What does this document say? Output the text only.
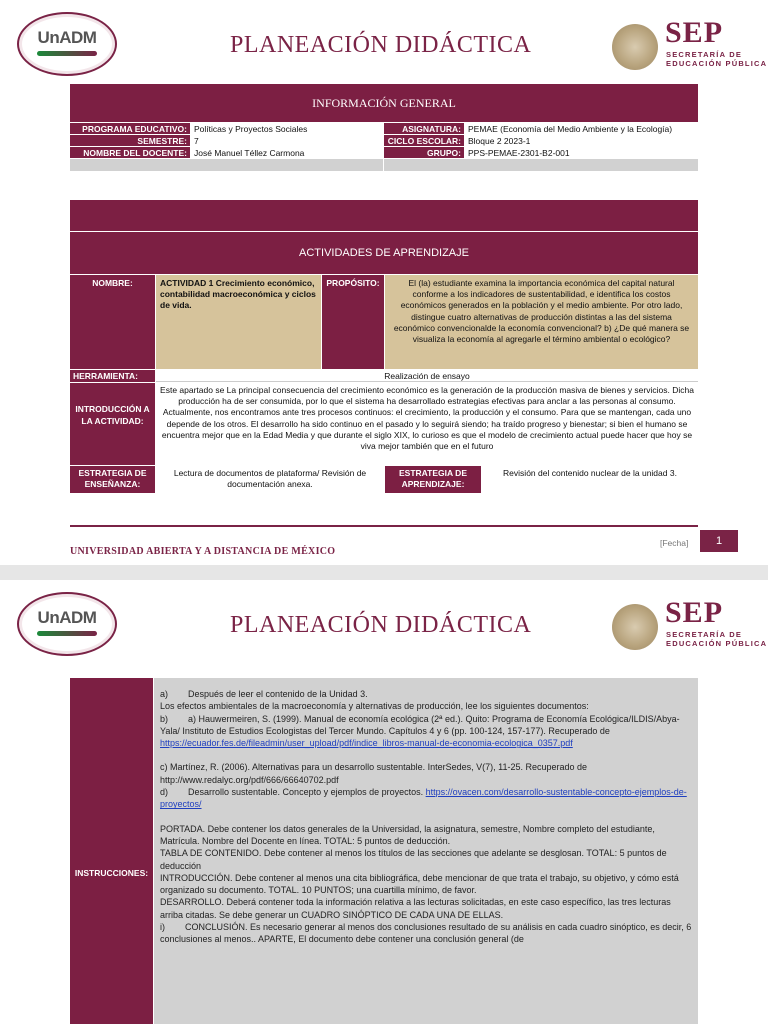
UnADM	PLANEACIÓN DIDÁCTICA	SEP
SECRETARÍA DE
EDUCACIÓN PÚBLICA
INFORMACIÓN GENERAL
PROGRAMA EDUCATIVO: Políticas y Proyectos Sociales	ASIGNATURA: PEMAE (Economía del Medio Ambiente y la Ecología)
SEMESTRE: 7	CICLO ESCOLAR: Bloque 2 2023-1
NOMBRE DEL DOCENTE: José Manuel Téllez Carmona	GRUPO: PPS-PEMAE-2301-B2-001
ACTIVIDADES DE APRENDIZAJE
NOMBRE:	ACTIVIDAD 1 Crecimiento económico, contabilidad macroeconómica y ciclos de vida.
PROPÓSITO:	El (la) estudiante examina la importancia económica del capital natural conforme a los indicadores de sustentabilidad, e identifica los costos económicos generados en la población y el medio ambiente. Por otro lado, distingue cuatro alternativas de producción distintas a las del sistema económico convencionalde la economía convencional? b) ¿De qué manera se visualiza la economía al agregarle el término ambiental o ecológico?
HERRAMIENTA:	Realización de ensayo
INTRODUCCIÓN A LA ACTIVIDAD:
Este apartado se La principal consecuencia del crecimiento económico es la generación de la producción masiva de bienes y servicios. Dicha producción ha de ser consumida, por lo que el sistema ha desarrollado estrategias efectivas para anclar a las personas al consumo. Actualmente, nos encontramos ante tres procesos continuos: el crecimiento, la producción y el consumo. Para que se mantengan, cada uno depende de los otros. El desarrollo ha sido continuo en el pasado y lo seguirá siendo; ha traído progreso y bienestar; si bien el humano se encuentra mejor que en la Edad Media y que durante el siglo XIX, lo curioso es que el modelo de crecimiento actual puede hacer que hoy se viva mejor también que en el futuro
ESTRATEGIA DE ENSEÑANZA:
Lectura de documentos de plataforma/ Revisión de documentación anexa.
ESTRATEGIA DE APRENDIZAJE:
Revisión del contenido nuclear de la unidad 3.
UNIVERSIDAD ABIERTA Y A DISTANCIA DE MÉXICO
[Fecha]	1
UnADM	PLANEACIÓN DIDÁCTICA	SEP
SECRETARÍA DE
EDUCACIÓN PÚBLICA
INSTRUCCIONES:
a)        Después de leer el contenido de la Unidad 3.
Los efectos ambientales de la macroeconomía y alternativas de producción, lee los siguientes documentos:
b)        a) Hauwermeiren, S. (1999). Manual de economía ecológica (2ª ed.). Quito: Programa de Economía Ecológica/ILDIS/Abya-Yala/ Instituto de Estudios Ecologistas del Tercer Mundo. Capítulos 4 y 6 (pp. 100-124, 157-177). Recuperado de https://ecuador.fes.de/fileadmin/user_upload/pdf/indice_libros-manual-de-economia-ecologica_0357.pdf
c) Martínez, R. (2006). Alternativas para un desarrollo sustentable. InterSedes, V(7), 11-25. Recuperado de http://www.redalyc.org/pdf/666/66640702.pdf
d)        Desarrollo sustentable. Concepto y ejemplos de proyectos. https://ovacen.com/desarrollo-sustentable-concepto-ejemplos-de-proyectos/
PORTADA. Debe contener los datos generales de la Universidad, la asignatura, semestre, Nombre completo del estudiante, Matrícula. Nombre del Docente en línea. TOTAL: 5 puntos de deducción.
TABLA DE CONTENIDO. Debe contener al menos los títulos de las secciones que adelante se desglosan. TOTAL: 5 puntos de deducción
INTRODUCCIÓN. Debe contener al menos una cita bibliográfica, debe mencionar de que trata el trabajo, su objetivo, y cómo está organizado su documento. TOTAL. 10 PUNTOS; una cuartilla mínimo, de favor.
DESARROLLO. Deberá contener toda la información relativa a las lecturas solicitadas, en este caso específico, las tres lecturas arriba citadas. Se debe generar un CUADRO SINÓPTICO DE CADA UNA DE ELLAS.
i)        CONCLUSIÓN. Es necesario generar al menos dos conclusiones resultado de su análisis en cada cuadro sinóptico, es decir, 6 conclusiones al menos.. APARTE, El documento debe contener una conclusión general (de
